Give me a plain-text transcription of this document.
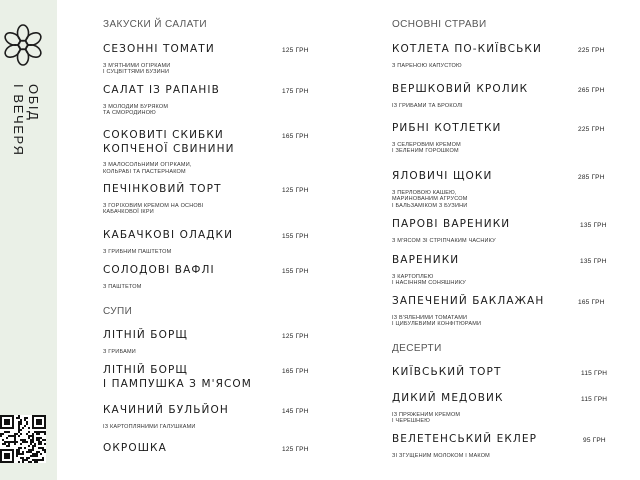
ОБІД
І ВЕЧЕРЯ
ЗАКУСКИ Й САЛАТИ
СЕЗОННІ ТОМАТИ
З М'ЯТНИМИ ОГІРКАМИ
І СУЦВІТТЯМИ БУЗИНИ
125 ГРН
САЛАТ ІЗ РАПАНІВ
З МОЛОДИМ БУРЯКОМ
ТА СМОРОДИНОЮ
175 ГРН
СОКОВИТІ СКИБКИ
КОПЧЕНОЇ СВИНИНИ
З МАЛОСОЛЬНИМИ ОГІРКАМИ,
КОЛЬРАБІ ТА ПАСТЕРНАКОМ
165 ГРН
ПЕЧІНКОВИЙ ТОРТ
З ГОРІХОВИМ КРЕМОМ НА ОСНОВІ
КАБАЧКОВОЇ ІКРИ
125 ГРН
КАБАЧКОВІ ОЛАДКИ
З ГРИБНИМ ПАШТЕТОМ
155 ГРН
СОЛОДОВІ ВАФЛІ
З ПАШТЕТОМ
155 ГРН
СУПИ
ЛІТНІЙ БОРЩ
З ГРИБАМИ
125 ГРН
ЛІТНІЙ БОРЩ
І ПАМПУШКА З М'ЯСОМ
165 ГРН
КАЧИНИЙ БУЛЬЙОН
ІЗ КАРТОПЛЯНИМИ ГАЛУШКАМИ
145 ГРН
ОКРОШКА	125 ГРН
ОСНОВНІ СТРАВИ
КОТЛЕТА ПО-КИЇВСЬКИ
З ПАРЕНОЮ КАПУСТОЮ
225 ГРН
ВЕРШКОВИЙ КРОЛИК
ІЗ ГРИБАМИ ТА БРОКОЛІ
265 ГРН
РИБНІ КОТЛЕТКИ
З СЕЛЕРОВИМ КРЕМОМ
І ЗЕЛЕНИМ ГОРОШКОМ
225 ГРН
ЯЛОВИЧІ ЩОКИ
З ПЕРЛОВОЮ КАШЕЮ,
МАРИНОВАНИМ АГРУСОМ
І БАЛЬЗАМІКОМ З БУЗИНИ
285 ГРН
ПАРОВІ ВАРЕНИКИ
З М'ЯСОМ ЗІ СТРІПЧАКИМ ЧАСНИКУ
135 ГРН
ВАРЕНИКИ
З КАРТОПЛЕЮ
І НАСІННЯМ СОНЯШНИКУ
135 ГРН
ЗАПЕЧЕНИЙ БАКЛАЖАН
ІЗ В'ЯЛЕНИМИ ТОМАТАМИ
І ЦИБУЛЕВИМИ КОНФІТЮРАМИ
165 ГРН
ДЕСЕРТИ
КИЇВСЬКИЙ ТОРТ	115 ГРН
ДИКИЙ МЕДОВИК
ІЗ ПРЯЖЕНИМ КРЕМОМ
І ЧЕРЕШНЕЮ
115 ГРН
ВЕЛЕТЕНСЬКИЙ ЕКЛЕР
ЗІ ЗГУЩЕНИМ МОЛОКОМ І МАКОМ
95 ГРН
